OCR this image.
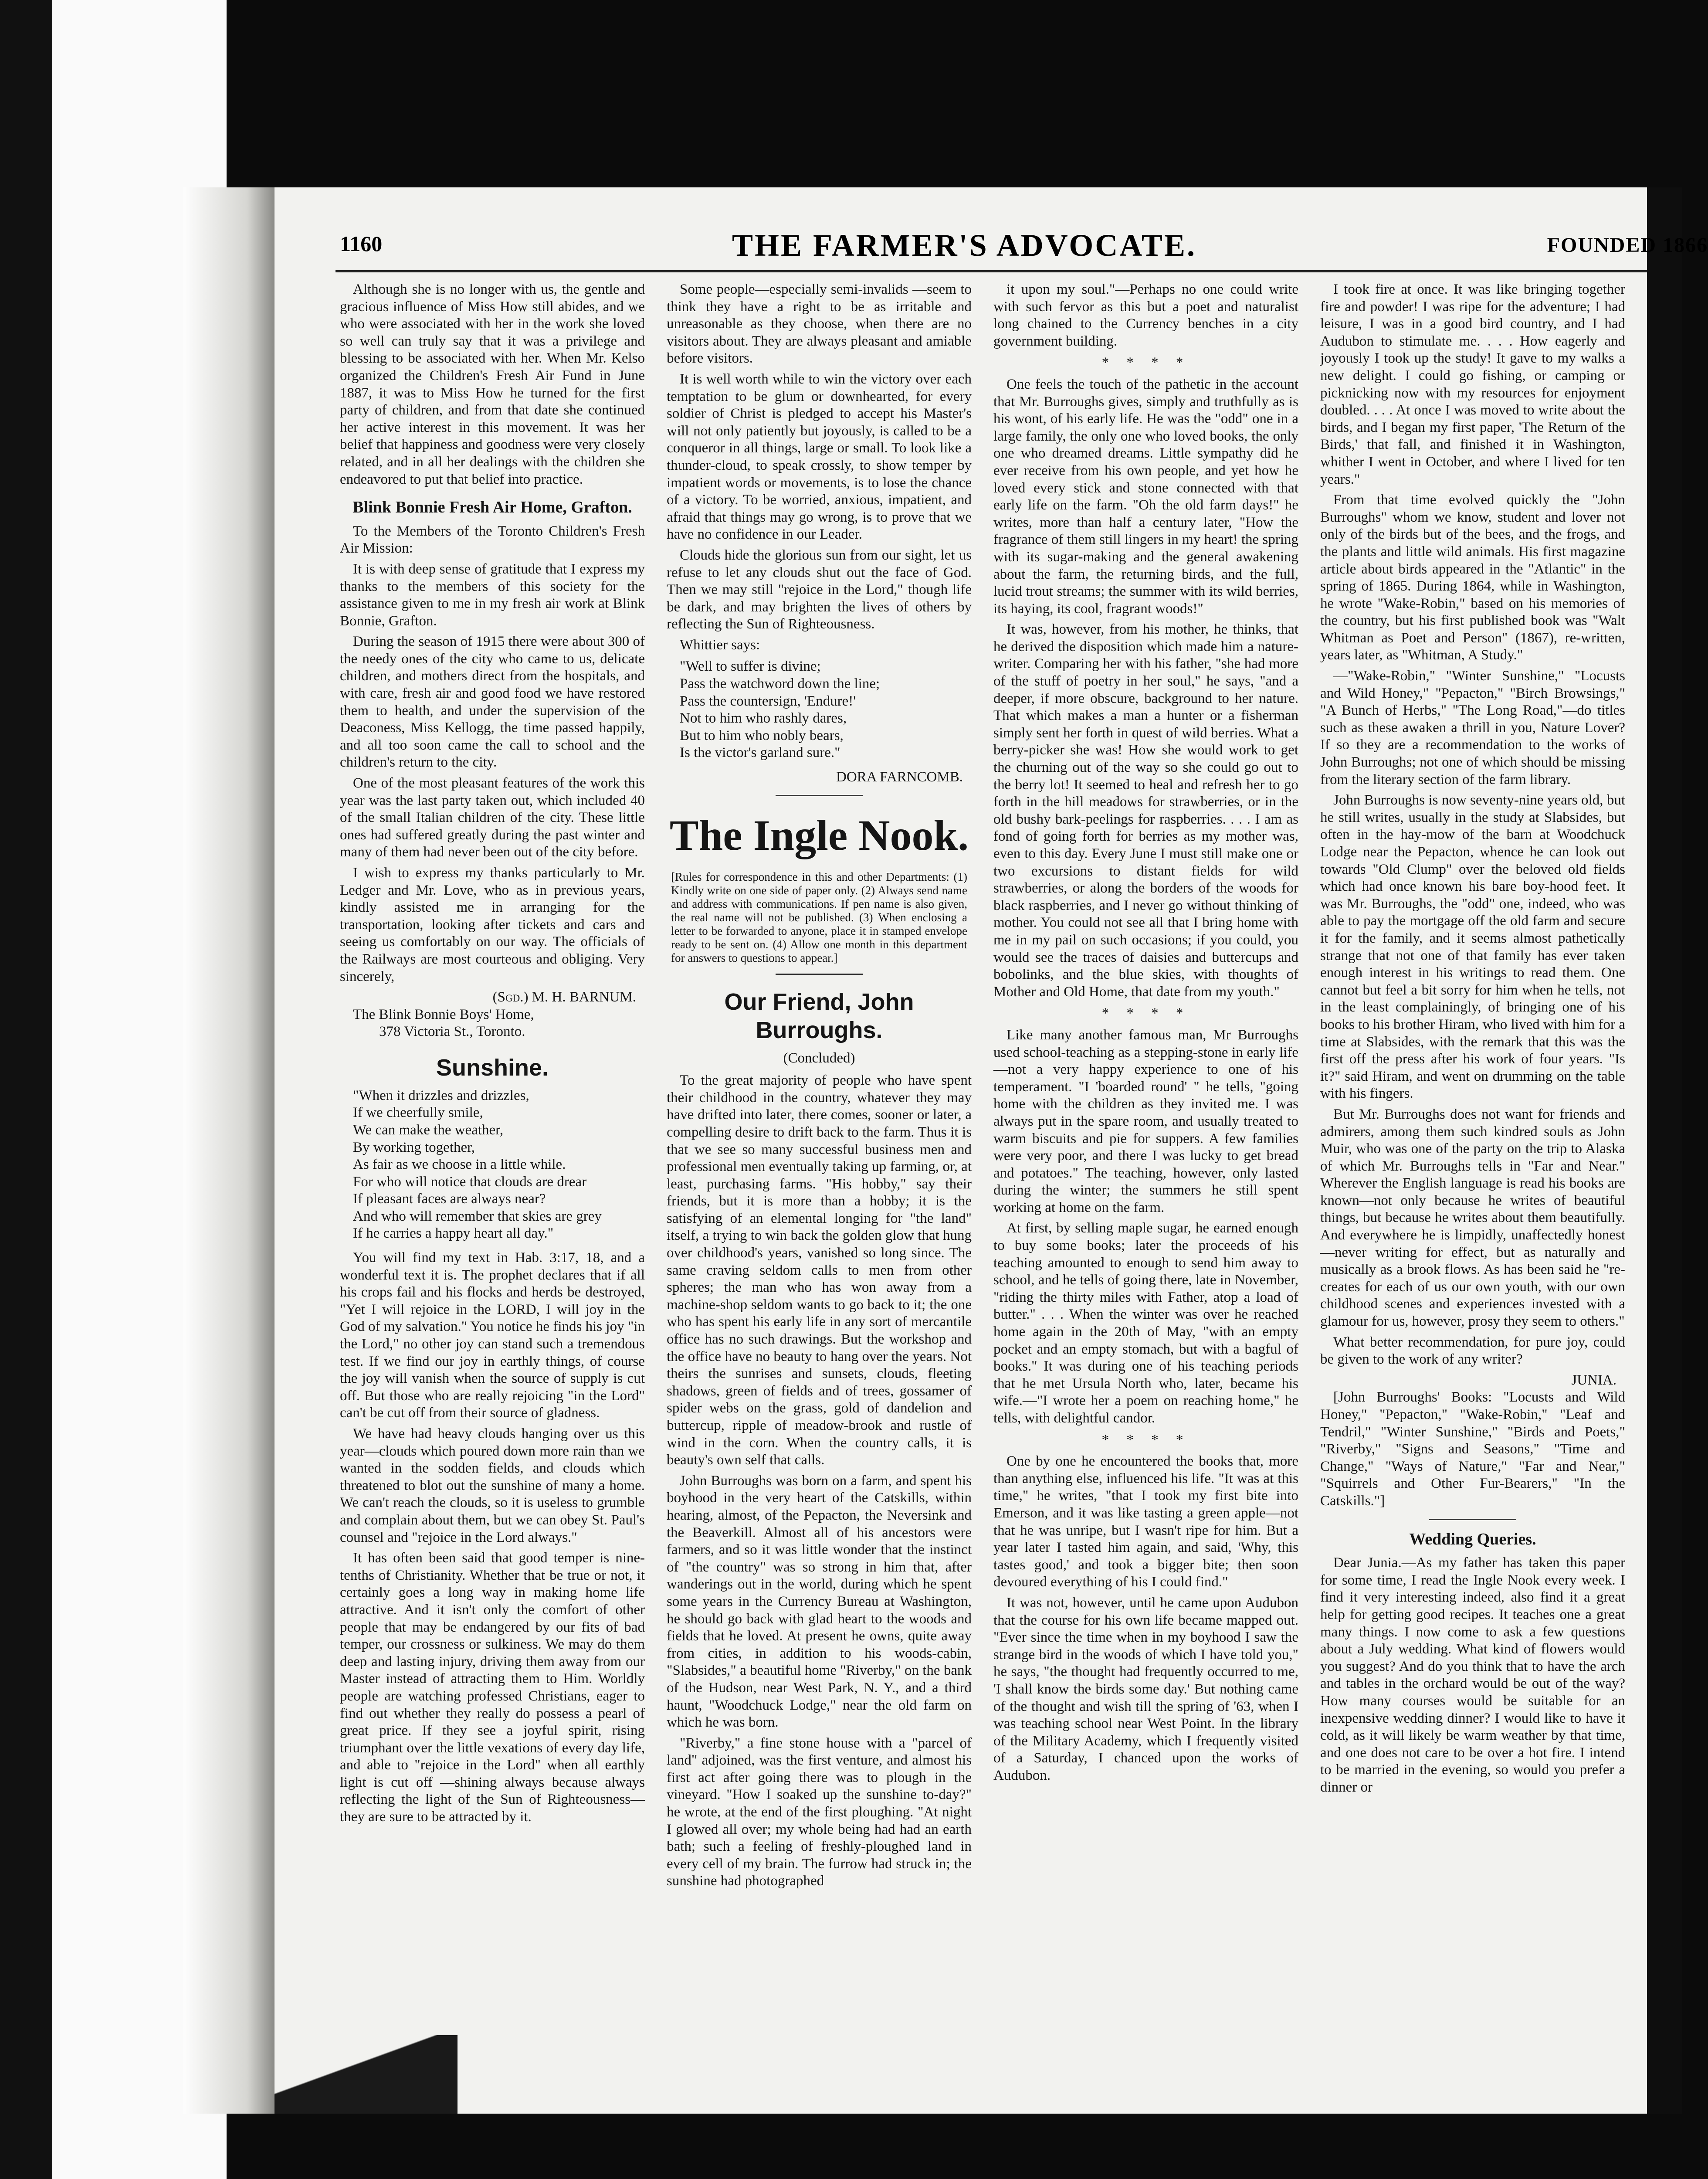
1160	THE FARMER'S ADVOCATE.	FOUNDED 1866

Although she is no longer with us, the gentle and gracious influence of Miss How still abides, and we who were associated with her in the work she loved so well can truly say that it was a privilege and blessing to be associated with her. When Mr. Kelso organized the Children's Fresh Air Fund in June 1887, it was to Miss How he turned for the first party of children, and from that date she continued her active interest in this movement. It was her belief that happiness and goodness were very closely related, and in all her dealings with the children she endeavored to put that belief into practice.

Blink Bonnie Fresh Air Home, Grafton.

To the Members of the Toronto Children's Fresh Air Mission:

It is with deep sense of gratitude that I express my thanks to the members of this society for the assistance given to me in my fresh air work at Blink Bonnie, Grafton.

During the season of 1915 there were about 300 of the needy ones of the city who came to us, delicate children, and mothers direct from the hospitals, and with care, fresh air and good food we have restored them to health, and under the supervision of the Deaconess, Miss Kellogg, the time passed happily, and all too soon came the call to school and the children's return to the city.

One of the most pleasant features of the work this year was the last party taken out, which included 40 of the small Italian children of the city. These little ones had suffered greatly during the past winter and many of them had never been out of the city before.

I wish to express my thanks particularly to Mr. Ledger and Mr. Love, who as in previous years, kindly assisted me in arranging for the transportation, looking after tickets and cars and seeing us comfortably on our way. The officials of the Railways are most courteous and obliging. Very sincerely,

(Sgd.) M. H. BARNUM.
The Blink Bonnie Boys' Home,
378 Victoria St., Toronto.
Sunshine.
"When it drizzles and drizzles,
If we cheerfully smile,
We can make the weather,
By working together,
As fair as we choose in a little while.
For who will notice that clouds are drear
If pleasant faces are always near?
And who will remember that skies are grey
If he carries a happy heart all day."

You will find my text in Hab. 3:17, 18, and a wonderful text it is. The prophet declares that if all his crops fail and his flocks and herds be destroyed, "Yet I will rejoice in the LORD, I will joy in the God of my salvation." You notice he finds his joy "in the Lord," no other joy can stand such a tremendous test. If we find our joy in earthly things, of course the joy will vanish when the source of supply is cut off. But those who are really rejoicing "in the Lord" can't be cut off from their source of gladness.

We have had heavy clouds hanging over us this year—clouds which poured down more rain than we wanted in the sodden fields, and clouds which threatened to blot out the sunshine of many a home. We can't reach the clouds, so it is useless to grumble and complain about them, but we can obey St. Paul's counsel and "rejoice in the Lord always."

It has often been said that good temper is nine-tenths of Christianity. Whether that be true or not, it certainly goes a long way in making home life attractive. And it isn't only the comfort of other people that may be endangered by our fits of bad temper, our crossness or sulkiness. We may do them deep and lasting injury, driving them away from our Master instead of attracting them to Him. Worldly people are watching professed Christians, eager to find out whether they really do possess a pearl of great price. If they see a joyful spirit, rising triumphant over the little vexations of every day life, and able to "rejoice in the Lord" when all earthly light is cut off —shining always because always reflecting the light of the Sun of Righteousness—they are sure to be attracted by it.

Some people—especially semi-invalids —seem to think they have a right to be as irritable and unreasonable as they choose, when there are no visitors about. They are always pleasant and amiable before visitors.

It is well worth while to win the victory over each temptation to be glum or downhearted, for every soldier of Christ is pledged to accept his Master's will not only patiently but joyously, is called to be a conqueror in all things, large or small. To look like a thunder-cloud, to speak crossly, to show temper by impatient words or movements, is to lose the chance of a victory. To be worried, anxious, impatient, and afraid that things may go wrong, is to prove that we have no confidence in our Leader.

Clouds hide the glorious sun from our sight, let us refuse to let any clouds shut out the face of God. Then we may still "rejoice in the Lord," though life be dark, and may brighten the lives of others by reflecting the Sun of Righteousness.

Whittier says:

"Well to suffer is divine;
Pass the watchword down the line;
Pass the countersign, 'Endure!'
Not to him who rashly dares,
But to him who nobly bears,
Is the victor's garland sure."
DORA FARNCOMB.
The Ingle Nook.
[Rules for correspondence in this and other Departments: (1) Kindly write on one side of paper only. (2) Always send name and address with communications. If pen name is also given, the real name will not be published. (3) When enclosing a letter to be forwarded to anyone, place it in stamped envelope ready to be sent on. (4) Allow one month in this department for answers to questions to appear.]
Our Friend, John Burroughs.
(Concluded)

To the great majority of people who have spent their childhood in the country, whatever they may have drifted into later, there comes, sooner or later, a compelling desire to drift back to the farm. Thus it is that we see so many successful business men and professional men eventually taking up farming, or, at least, purchasing farms. "His hobby," say their friends, but it is more than a hobby; it is the satisfying of an elemental longing for "the land" itself, a trying to win back the golden glow that hung over childhood's years, vanished so long since. The same craving seldom calls to men from other spheres; the man who has won away from a machine-shop seldom wants to go back to it; the one who has spent his early life in any sort of mercantile office has no such drawings. But the workshop and the office have no beauty to hang over the years. Not theirs the sunrises and sunsets, clouds, fleeting shadows, green of fields and of trees, gossamer of spider webs on the grass, gold of dandelion and buttercup, ripple of meadow-brook and rustle of wind in the corn. When the country calls, it is beauty's own self that calls.

John Burroughs was born on a farm, and spent his boyhood in the very heart of the Catskills, within hearing, almost, of the Pepacton, the Neversink and the Beaverkill. Almost all of his ancestors were farmers, and so it was little wonder that the instinct of "the country" was so strong in him that, after wanderings out in the world, during which he spent some years in the Currency Bureau at Washington, he should go back with glad heart to the woods and fields that he loved. At present he owns, quite away from cities, in addition to his woods-cabin, "Slabsides," a beautiful home "Riverby," on the bank of the Hudson, near West Park, N. Y., and a third haunt, "Woodchuck Lodge," near the old farm on which he was born.

"Riverby," a fine stone house with a "parcel of land" adjoined, was the first venture, and almost his first act after going there was to plough in the vineyard. "How I soaked up the sunshine to-day?" he wrote, at the end of the first ploughing. "At night I glowed all over; my whole being had had an earth bath; such a feeling of freshly-ploughed land in every cell of my brain. The furrow had struck in; the sunshine had photographed

it upon my soul."—Perhaps no one could write with such fervor as this but a poet and naturalist long chained to the Currency benches in a city government building.

* * * *

One feels the touch of the pathetic in the account that Mr. Burroughs gives, simply and truthfully as is his wont, of his early life. He was the "odd" one in a large family, the only one who loved books, the only one who dreamed dreams. Little sympathy did he ever receive from his own people, and yet how he loved every stick and stone connected with that early life on the farm. "Oh the old farm days!" he writes, more than half a century later, "How the fragrance of them still lingers in my heart! the spring with its sugar-making and the general awakening about the farm, the returning birds, and the full, lucid trout streams; the summer with its wild berries, its haying, its cool, fragrant woods!"

It was, however, from his mother, he thinks, that he derived the disposition which made him a nature-writer. Comparing her with his father, "she had more of the stuff of poetry in her soul," he says, "and a deeper, if more obscure, background to her nature. That which makes a man a hunter or a fisherman simply sent her forth in quest of wild berries. What a berry-picker she was! How she would work to get the churning out of the way so she could go out to the berry lot! It seemed to heal and refresh her to go forth in the hill meadows for strawberries, or in the old bushy bark-peelings for raspberries. . . . I am as fond of going forth for berries as my mother was, even to this day. Every June I must still make one or two excursions to distant fields for wild strawberries, or along the borders of the woods for black raspberries, and I never go without thinking of mother. You could not see all that I bring home with me in my pail on such occasions; if you could, you would see the traces of daisies and buttercups and bobolinks, and the blue skies, with thoughts of Mother and Old Home, that date from my youth."

* * * *

Like many another famous man, Mr Burroughs used school-teaching as a stepping-stone in early life—not a very happy experience to one of his temperament. "I 'boarded round' " he tells, "going home with the children as they invited me. I was always put in the spare room, and usually treated to warm biscuits and pie for suppers. A few families were very poor, and there I was lucky to get bread and potatoes." The teaching, however, only lasted during the winter; the summers he still spent working at home on the farm.

At first, by selling maple sugar, he earned enough to buy some books; later the proceeds of his teaching amounted to enough to send him away to school, and he tells of going there, late in November, "riding the thirty miles with Father, atop a load of butter." . . . When the winter was over he reached home again in the 20th of May, "with an empty pocket and an empty stomach, but with a bagful of books." It was during one of his teaching periods that he met Ursula North who, later, became his wife.—"I wrote her a poem on reaching home," he tells, with delightful candor.

* * * *

One by one he encountered the books that, more than anything else, influenced his life. "It was at this time," he writes, "that I took my first bite into Emerson, and it was like tasting a green apple—not that he was unripe, but I wasn't ripe for him. But a year later I tasted him again, and said, 'Why, this tastes good,' and took a bigger bite; then soon devoured everything of his I could find."

It was not, however, until he came upon Audubon that the course for his own life became mapped out. "Ever since the time when in my boyhood I saw the strange bird in the woods of which I have told you," he says, "the thought had frequently occurred to me, 'I shall know the birds some day.' But nothing came of the thought and wish till the spring of '63, when I was teaching school near West Point. In the library of the Military Academy, which I frequently visited of a Saturday, I chanced upon the works of Audubon.

I took fire at once. It was like bringing together fire and powder! I was ripe for the adventure; I had leisure, I was in a good bird country, and I had Audubon to stimulate me. . . . How eagerly and joyously I took up the study! It gave to my walks a new delight. I could go fishing, or camping or picknicking now with my resources for enjoyment doubled. . . . At once I was moved to write about the birds, and I began my first paper, 'The Return of the Birds,' that fall, and finished it in Washington, whither I went in October, and where I lived for ten years."

From that time evolved quickly the "John Burroughs" whom we know, student and lover not only of the birds but of the bees, and the frogs, and the plants and little wild animals. His first magazine article about birds appeared in the "Atlantic" in the spring of 1865. During 1864, while in Washington, he wrote "Wake-Robin," based on his memories of the country, but his first published book was "Walt Whitman as Poet and Person" (1867), re-written, years later, as "Whitman, A Study."

—"Wake-Robin," "Winter Sunshine," "Locusts and Wild Honey," "Pepacton," "Birch Browsings," "A Bunch of Herbs," "The Long Road,"—do titles such as these awaken a thrill in you, Nature Lover? If so they are a recommendation to the works of John Burroughs; not one of which should be missing from the literary section of the farm library.

John Burroughs is now seventy-nine years old, but he still writes, usually in the study at Slabsides, but often in the hay-mow of the barn at Woodchuck Lodge near the Pepacton, whence he can look out towards "Old Clump" over the beloved old fields which had once known his bare boy-hood feet. It was Mr. Burroughs, the "odd" one, indeed, who was able to pay the mortgage off the old farm and secure it for the family, and it seems almost pathetically strange that not one of that family has ever taken enough interest in his writings to read them. One cannot but feel a bit sorry for him when he tells, not in the least complainingly, of bringing one of his books to his brother Hiram, who lived with him for a time at Slabsides, with the remark that this was the first off the press after his work of four years. "Is it?" said Hiram, and went on drumming on the table with his fingers.

But Mr. Burroughs does not want for friends and admirers, among them such kindred souls as John Muir, who was one of the party on the trip to Alaska of which Mr. Burroughs tells in "Far and Near." Wherever the English language is read his books are known—not only because he writes of beautiful things, but because he writes about them beautifully. And everywhere he is limpidly, unaffectedly honest—never writing for effect, but as naturally and musically as a brook flows. As has been said he "re-creates for each of us our own youth, with our own childhood scenes and experiences invested with a glamour for us, however, prosy they seem to others."

What better recommendation, for pure joy, could be given to the work of any writer?

JUNIA.

[John Burroughs' Books: "Locusts and Wild Honey," "Pepacton," "Wake-Robin," "Leaf and Tendril," "Winter Sunshine," "Birds and Poets," "Riverby," "Signs and Seasons," "Time and Change," "Ways of Nature," "Far and Near," "Squirrels and Other Fur-Bearers," "In the Catskills."]

Wedding Queries.

Dear Junia.—As my father has taken this paper for some time, I read the Ingle Nook every week. I find it very interesting indeed, also find it a great help for getting good recipes. It teaches one a great many things. I now come to ask a few questions about a July wedding. What kind of flowers would you suggest? And do you think that to have the arch and tables in the orchard would be out of the way? How many courses would be suitable for an inexpensive wedding dinner? I would like to have it cold, as it will likely be warm weather by that time, and one does not care to be over a hot fire. I intend to be married in the evening, so would you prefer a dinner or
